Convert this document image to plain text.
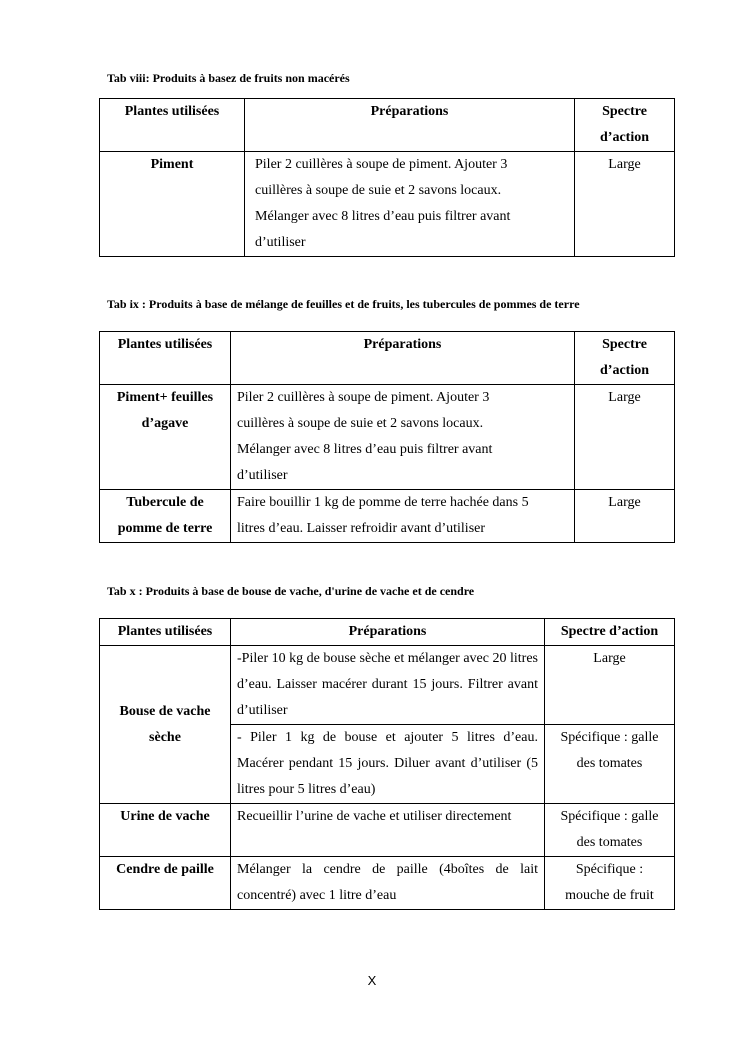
Tab viii: Produits à basez de fruits non macérés
Plantes utilisées	Préparations	Spectre
d’action
Piment	Piler 2 cuillères à soupe de piment. Ajouter 3
cuillères à soupe de suie et 2 savons locaux.
Mélanger avec 8 litres d’eau puis filtrer avant
d’utiliser	Large
Tab ix : Produits à base de mélange de feuilles et de fruits, les tubercules de pommes de terre
Plantes utilisées	Préparations	Spectre
d’action
Piment+ feuilles
d’agave	Piler 2 cuillères à soupe de piment. Ajouter 3
cuillères à soupe de suie et 2 savons locaux.
Mélanger avec 8 litres d’eau puis filtrer avant
d’utiliser	Large
Tubercule de
pomme de terre	Faire bouillir 1 kg de pomme de terre hachée dans 5
litres d’eau. Laisser refroidir avant d’utiliser	Large
Tab x : Produits à base de bouse de vache, d'urine de vache et de cendre
Plantes utilisées	Préparations	Spectre d’action
Bouse de vache
sèche	-Piler 10 kg de bouse sèche et mélanger avec 20 litres d’eau. Laisser macérer durant 15 jours. Filtrer avant d’utiliser	Large
	- Piler 1 kg de bouse et ajouter 5 litres d’eau. Macérer pendant 15 jours. Diluer avant d’utiliser (5 litres pour 5 litres d’eau)	Spécifique : galle
des tomates
Urine de vache	Recueillir l’urine de vache et utiliser directement	Spécifique : galle
des tomates
Cendre de paille	Mélanger la cendre de paille (4boîtes de lait concentré) avec 1 litre d’eau	Spécifique :
mouche de fruit
X
